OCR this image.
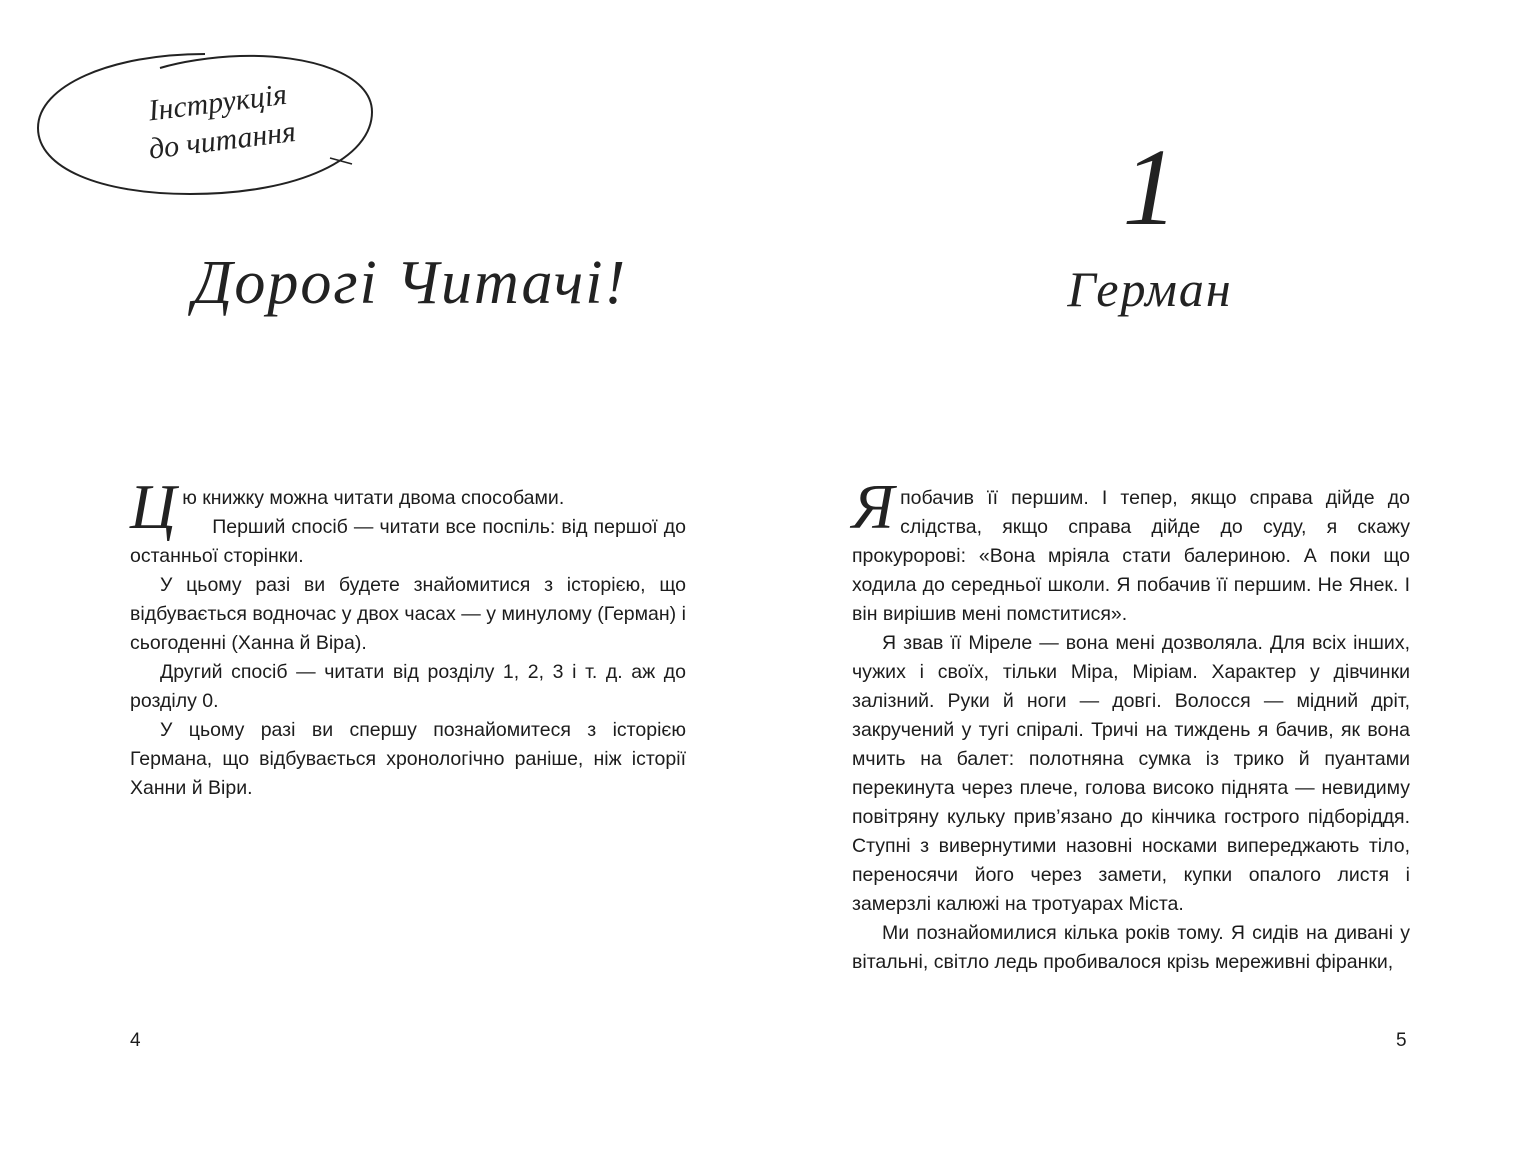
Інструкція
до читання
Дорогі Читачі!

Цю книжку можна читати двома способами.

Перший спосіб — читати все поспіль: від першої до останньої сторінки.

У цьому разі ви будете знайомитися з історією, що відбувається водночас у двох часах — у минулому (Герман) і сьогоденні (Ханна й Віра).

Другий спосіб — читати від розділу 1, 2, 3 і т. д. аж до розділу 0.

У цьому разі ви спершу познайомитеся з історією Германа, що відбувається хронологічно раніше, ніж історії Ханни й Віри.

4
1
Герман

Япобачив її першим. І тепер, якщо справа дійде до слідства, якщо справа дійде до суду, я скажу прокуророві: «Вона мріяла стати балериною. А поки що ходила до середньої школи. Я побачив її першим. Не Янек. І він вирішив мені помститися».

Я звав її Міреле — вона мені дозволяла. Для всіх інших, чужих і своїх, тільки Міра, Міріам. Характер у дівчинки залізний. Руки й ноги — довгі. Волосся — мідний дріт, закручений у тугі спіралі. Тричі на тиждень я бачив, як вона мчить на балет: полотняна сумка із трико й пуантами перекинута через плече, голова високо піднята — невидиму повітряну кульку прив’язано до кінчика гострого підборіддя. Ступні з вивернутими назовні носками випереджають тіло, переносячи його через замети, купки опалого листя і замерзлі калюжі на тротуарах Міста.

Ми познайомилися кілька років тому. Я сидів на дивані у вітальні, світло ледь пробивалося крізь мереживні фіранки,

5
